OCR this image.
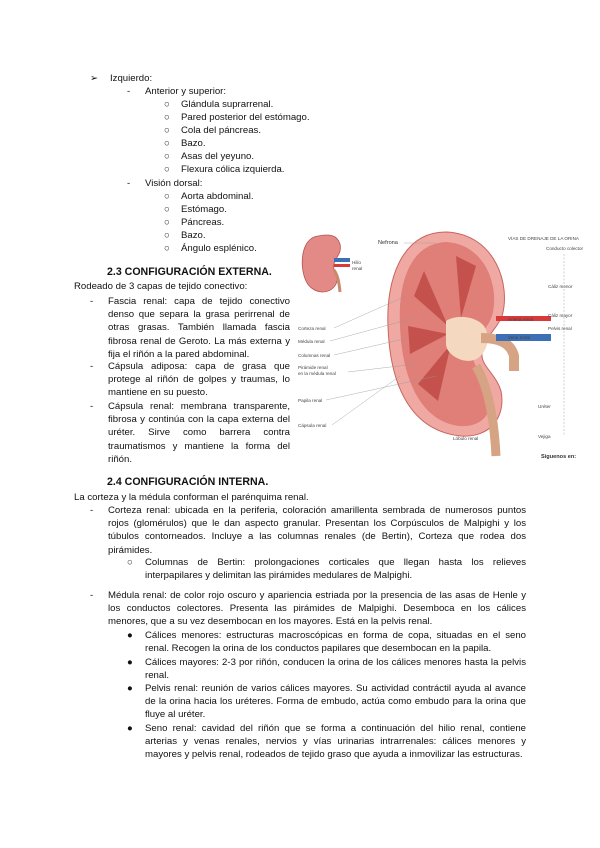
➢ Izquierdo:
- Anterior y superior:
○ Glándula suprarrenal.
○ Pared posterior del estómago.
○ Cola del páncreas.
○ Bazo.
○ Asas del yeyuno.
○ Flexura cólica izquierda.
- Visión dorsal:
○ Aorta abdominal.
○ Estómago.
○ Páncreas.
○ Bazo.
○ Ángulo esplénico.
2.3 CONFIGURACIÓN EXTERNA.
Rodeado de 3 capas de tejido conectivo:
- Fascia renal: capa de tejido conectivo denso que separa la grasa perirrenal de otras grasas. También llamada fascia fibrosa renal de Geroto. La más externa y fija el riñón a la pared abdominal.

- Cápsula adiposa: capa de grasa que protege al riñón de golpes y traumas, lo mantiene en su puesto.

- Cápsula renal: membrana transparente, fibrosa y continúa con la capa externa del uréter. Sirve como barrera contra traumatismos y mantiene la forma del riñón.

Hilio
renal
Nefrona
VÍAS DE DRENAJE DE LA ORINA
Conducto colector
Cáliz menor
Cáliz mayor
Pelvis renal
Uréter
Vejiga
Arteria renal
Vena renal
Corteza renal
Médula renal
Columnas renal
Pirámide renal
en la médula renal
Papila renal
Cápsula renal
Lóbulo renal
Siguenos en:
2.4 CONFIGURACIÓN INTERNA.
La corteza y la médula conforman el parénquima renal.
- Corteza renal: ubicada en la periferia, coloración amarillenta sembrada de numerosos puntos rojos (glomérulos) que le dan aspecto granular. Presentan los Corpúsculos de Malpighi y los túbulos contorneados. Incluye a las columnas renales (de Bertin), Corteza que rodea dos pirámides.

○ Columnas de Bertin: prolongaciones corticales que llegan hasta los relieves interpapilares y delimitan las pirámides medulares de Malpighi.

- Médula renal: de color rojo oscuro y apariencia estriada por la presencia de las asas de Henle y los conductos colectores. Presenta las pirámides de Malpighi. Desemboca en los cálices menores, que a su vez desembocan en los mayores. Está en la pelvis renal.

● Cálices menores: estructuras macroscópicas en forma de copa, situadas en el seno renal. Recogen la orina de los conductos papilares que desembocan en la papila.

● Cálices mayores: 2-3 por riñón, conducen la orina de los cálices menores hasta la pelvis renal.

● Pelvis renal: reunión de varios cálices mayores. Su actividad contráctil ayuda al avance de la orina hacia los uréteres. Forma de embudo, actúa como embudo para la orina que fluye al uréter.

● Seno renal: cavidad del riñón que se forma a continuación del hilio renal, contiene arterias y venas renales, nervios y vías urinarias intrarrenales: cálices menores y mayores y pelvis renal, rodeados de tejido graso que ayuda a inmovilizar las estructuras.
